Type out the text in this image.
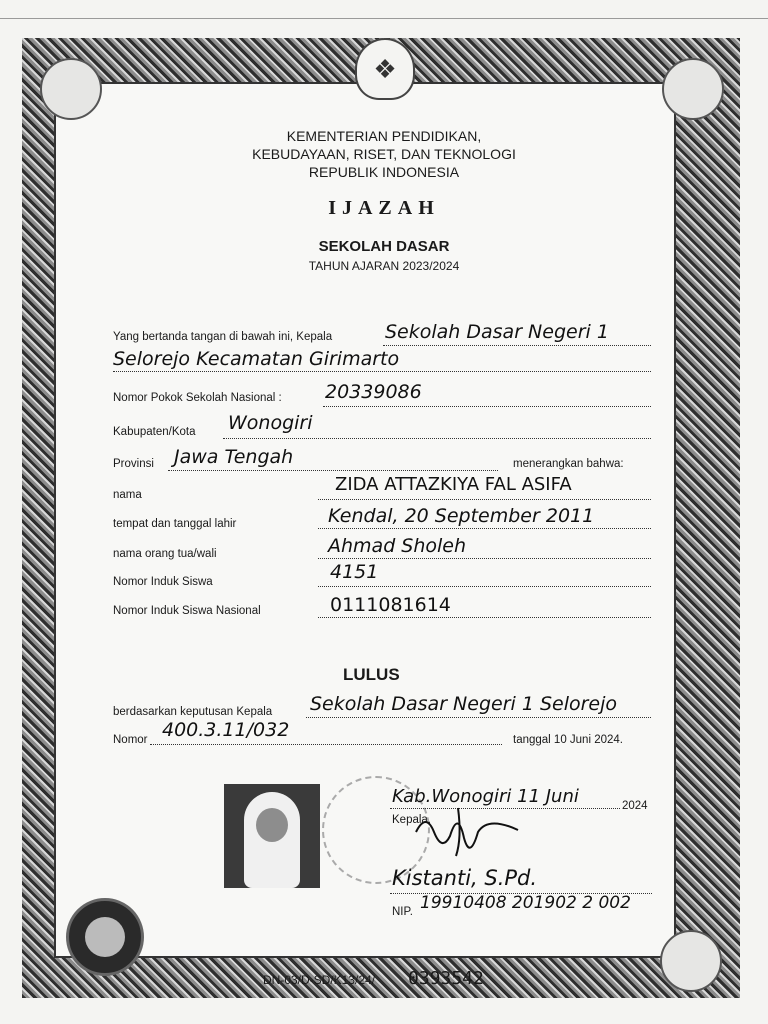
❖
KEMENTERIAN PENDIDIKAN,
KEBUDAYAAN, RISET, DAN TEKNOLOGI
REPUBLIK INDONESIA
IJAZAH
SEKOLAH DASAR
TAHUN AJARAN 2023/2024
Yang bertanda tangan di bawah ini, Kepala	Sekolah Dasar Negeri 1
Selorejo Kecamatan Girimarto
Nomor Pokok Sekolah Nasional : 20339086
Kabupaten/Kota Wonogiri
Provinsi Jawa Tengah	menerangkan bahwa:
nama	ZIDA ATTAZKIYA FAL ASIFA
tempat dan tanggal lahir	Kendal, 20 September 2011
nama orang tua/wali	Ahmad Sholeh
Nomor Induk Siswa	4151
Nomor Induk Siswa Nasional	0111081614
LULUS
berdasarkan keputusan Kepala Sekolah Dasar Negeri 1 Selorejo
Nomor 400.3.11/032	tanggal 10 Juni 2024.
Kab.Wonogiri 11 Juni	2024
Kepala,
Kistanti, S.Pd.
NIP. 19910408 201902 2 002
DN-03/D-SD/K13/24/ 0393542
